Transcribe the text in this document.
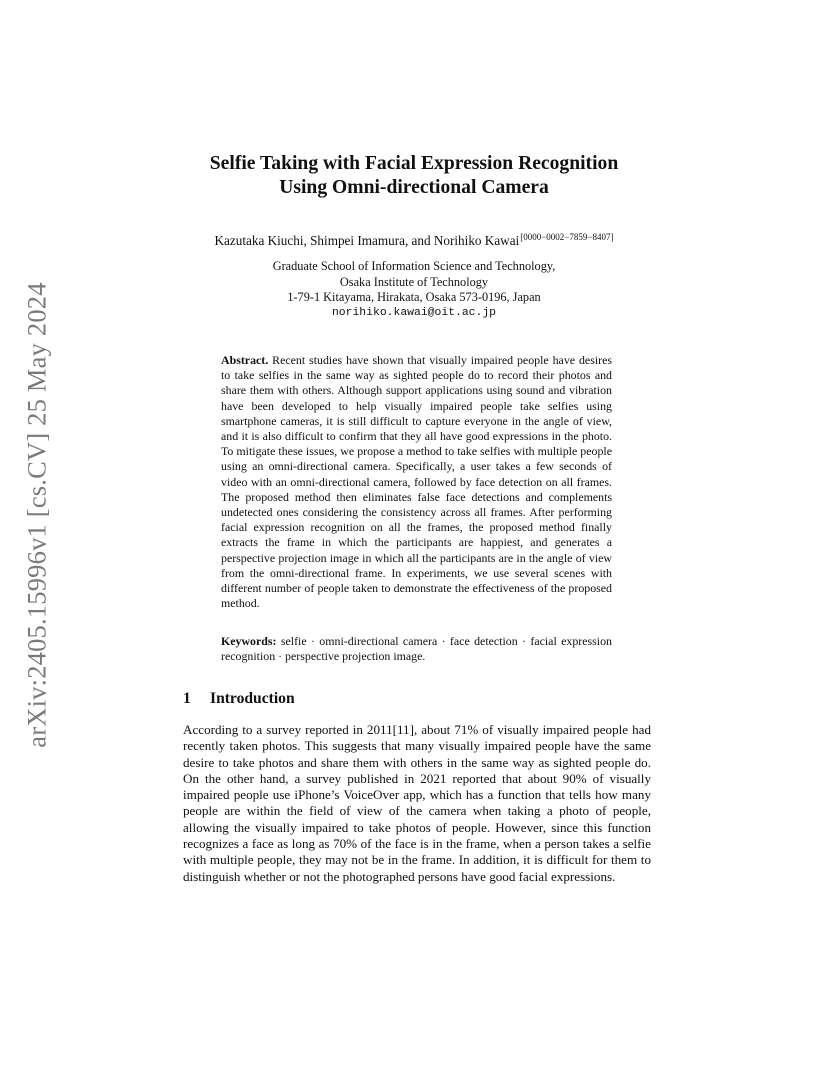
arXiv:2405.15996v1 [cs.CV] 25 May 2024
Selfie Taking with Facial Expression Recognition
Using Omni-directional Camera
Kazutaka Kiuchi, Shimpei Imamura, and Norihiko Kawai[0000−0002−7859−8407]
Graduate School of Information Science and Technology,
Osaka Institute of Technology
1-79-1 Kitayama, Hirakata, Osaka 573-0196, Japan
norihiko.kawai@oit.ac.jp

Abstract. Recent studies have shown that visually impaired people have desires to take selfies in the same way as sighted people do to record their photos and share them with others. Although support applications using sound and vibration have been developed to help visually impaired people take selfies using smartphone cameras, it is still difficult to capture everyone in the angle of view, and it is also difficult to confirm that they all have good expressions in the photo. To mitigate these issues, we propose a method to take selfies with multiple people using an omni-directional camera. Specifically, a user takes a few seconds of video with an omni-directional camera, followed by face detection on all frames. The proposed method then eliminates false face detections and complements undetected ones considering the consistency across all frames. After performing facial expression recognition on all the frames, the proposed method finally extracts the frame in which the participants are happiest, and generates a perspective projection image in which all the participants are in the angle of view from the omni-directional frame. In experiments, we use several scenes with different number of people taken to demonstrate the effectiveness of the proposed method.

Keywords: selfie · omni-directional camera · face detection · facial expression recognition · perspective projection image.

1 Introduction

According to a survey reported in 2011[11], about 71% of visually impaired people had recently taken photos. This suggests that many visually impaired people have the same desire to take photos and share them with others in the same way as sighted people do. On the other hand, a survey published in 2021 reported that about 90% of visually impaired people use iPhone’s VoiceOver app, which has a function that tells how many people are within the field of view of the camera when taking a photo of people, allowing the visually impaired to take photos of people. However, since this function recognizes a face as long as 70% of the face is in the frame, when a person takes a selfie with multiple people, they may not be in the frame. In addition, it is difficult for them to distinguish whether or not the photographed persons have good facial expressions.
